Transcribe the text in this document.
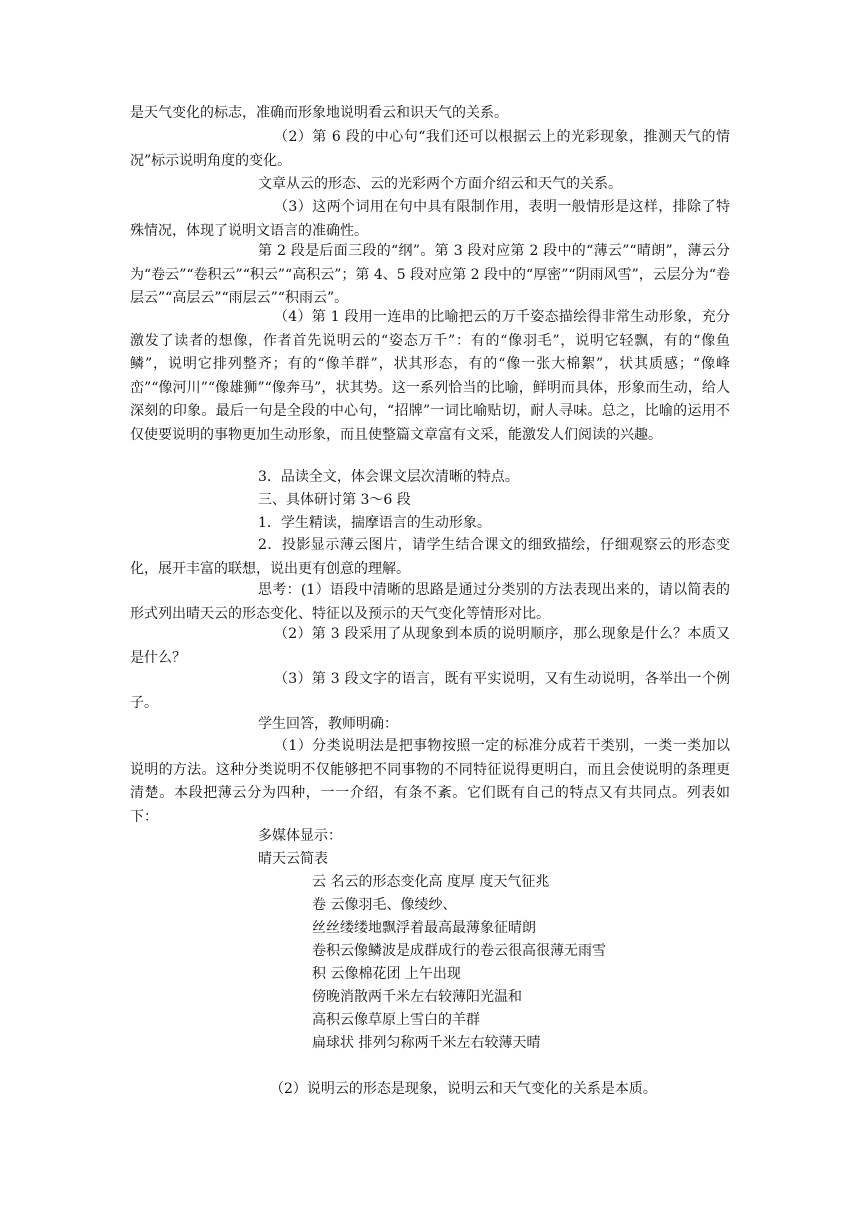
是天气变化的标志，准确而形象地说明看云和识天气的关系。

（2）第 6 段的中心句“我们还可以根据云上的光彩现象，推测天气的情况”标示说明角度的变化。

文章从云的形态、云的光彩两个方面介绍云和天气的关系。

（3）这两个词用在句中具有限制作用，表明一般情形是这样，排除了特殊情况，体现了说明文语言的准确性。

第 2 段是后面三段的“纲”。第 3 段对应第 2 段中的“薄云”“晴朗”，薄云分为“卷云”“卷积云”“积云”“高积云”；第 4、5 段对应第 2 段中的“厚密”“阴雨风雪”，云层分为“卷层云”“高层云”“雨层云”“积雨云”。

（4）第 1 段用一连串的比喻把云的万千姿态描绘得非常生动形象，充分激发了读者的想像，作者首先说明云的“姿态万千”：有的“像羽毛”，说明它轻飘，有的“像鱼鳞”，说明它排列整齐；有的“像羊群”，状其形态，有的“像一张大棉絮”，状其质感；“像峰峦”“像河川”“像雄狮”“像奔马”，状其势。这一系列恰当的比喻，鲜明而具体，形象而生动，给人深刻的印象。最后一句是全段的中心句，“招牌”一词比喻贴切，耐人寻味。总之，比喻的运用不仅使要说明的事物更加生动形象，而且使整篇文章富有文采，能激发人们阅读的兴趣。

3．品读全文，体会课文层次清晰的特点。

三、具体研讨第 3～6 段

1．学生精读，揣摩语言的生动形象。

2．投影显示薄云图片，请学生结合课文的细致描绘，仔细观察云的形态变化，展开丰富的联想，说出更有创意的理解。

思考：(1）语段中清晰的思路是通过分类别的方法表现出来的，请以简表的形式列出晴天云的形态变化、特征以及预示的天气变化等情形对比。

（2）第 3 段采用了从现象到本质的说明顺序，那么现象是什么？本质又是什么？

（3）第 3 段文字的语言，既有平实说明，又有生动说明，各举出一个例子。

学生回答，教师明确：

（1）分类说明法是把事物按照一定的标准分成若干类别，一类一类加以说明的方法。这种分类说明不仅能够把不同事物的不同特征说得更明白，而且会使说明的条理更清楚。本段把薄云分为四种，一一介绍，有条不紊。它们既有自己的特点又有共同点。列表如下：

多媒体显示：

晴天云简表

云 名云的形态变化高 度厚 度天气征兆

卷 云像羽毛、像绫纱、

丝丝缕缕地飘浮着最高最薄象征晴朗

卷积云像鳞波是成群成行的卷云很高很薄无雨雪

积 云像棉花团 上午出现

傍晚消散两千米左右较薄阳光温和

高积云像草原上雪白的羊群

扁球状 排列匀称两千米左右较薄天晴

（2）说明云的形态是现象，说明云和天气变化的关系是本质。
